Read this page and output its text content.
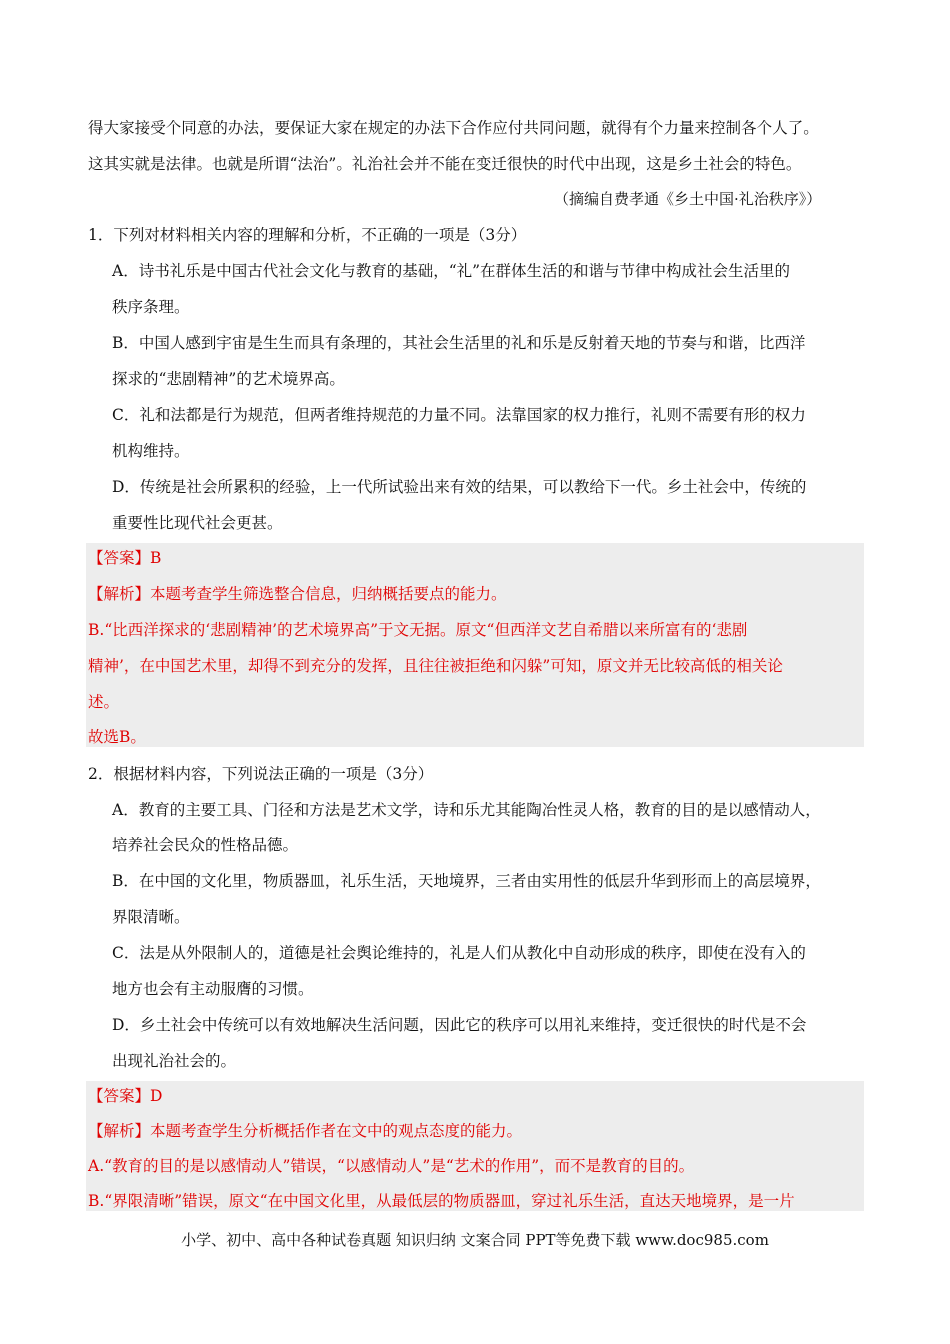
得大家接受个同意的办法，要保证大家在规定的办法下合作应付共同问题，就得有个力量来控制各个人了。
这其实就是法律。也就是所谓“法治”。礼治社会并不能在变迁很快的时代中出现，这是乡土社会的特色。
（摘编自费孝通《乡土中国·礼治秩序》）
1．下列对材料相关内容的理解和分析，不正确的一项是（3分）
A．诗书礼乐是中国古代社会文化与教育的基础，“礼”在群体生活的和谐与节律中构成社会生活里的
秩序条理。
B．中国人感到宇宙是生生而具有条理的，其社会生活里的礼和乐是反射着天地的节奏与和谐，比西洋
探求的“悲剧精神”的艺术境界高。
C．礼和法都是行为规范，但两者维持规范的力量不同。法靠国家的权力推行，礼则不需要有形的权力
机构维持。
D．传统是社会所累积的经验，上一代所试验出来有效的结果，可以教给下一代。乡土社会中，传统的
重要性比现代社会更甚。
【答案】B
【解析】本题考查学生筛选整合信息，归纳概括要点的能力。
B.“比西洋探求的‘悲剧精神’的艺术境界高”于文无据。原文“但西洋文艺自希腊以来所富有的‘悲剧
精神’，在中国艺术里，却得不到充分的发挥，且往往被拒绝和闪躲”可知，原文并无比较高低的相关论
述。
故选B。
2．根据材料内容，下列说法正确的一项是（3分）
A．教育的主要工具、门径和方法是艺术文学，诗和乐尤其能陶冶性灵人格，教育的目的是以感情动人，
培养社会民众的性格品德。
B．在中国的文化里，物质器皿，礼乐生活，天地境界，三者由实用性的低层升华到形而上的高层境界，
界限清晰。
C．法是从外限制人的，道德是社会舆论维持的，礼是人们从教化中自动形成的秩序，即使在没有入的
地方也会有主动服膺的习惯。
D．乡土社会中传统可以有效地解决生活问题，因此它的秩序可以用礼来维持，变迁很快的时代是不会
出现礼治社会的。
【答案】D
【解析】本题考查学生分析概括作者在文中的观点态度的能力。
A.“教育的目的是以感情动人”错误，“以感情动人”是“艺术的作用”，而不是教育的目的。
B.“界限清晰”错误，原文“在中国文化里，从最低层的物质器皿，穿过礼乐生活，直达天地境界，是一片
小学、初中、高中各种试卷真题 知识归纳 文案合同 PPT等免费下载 www.doc985.com
